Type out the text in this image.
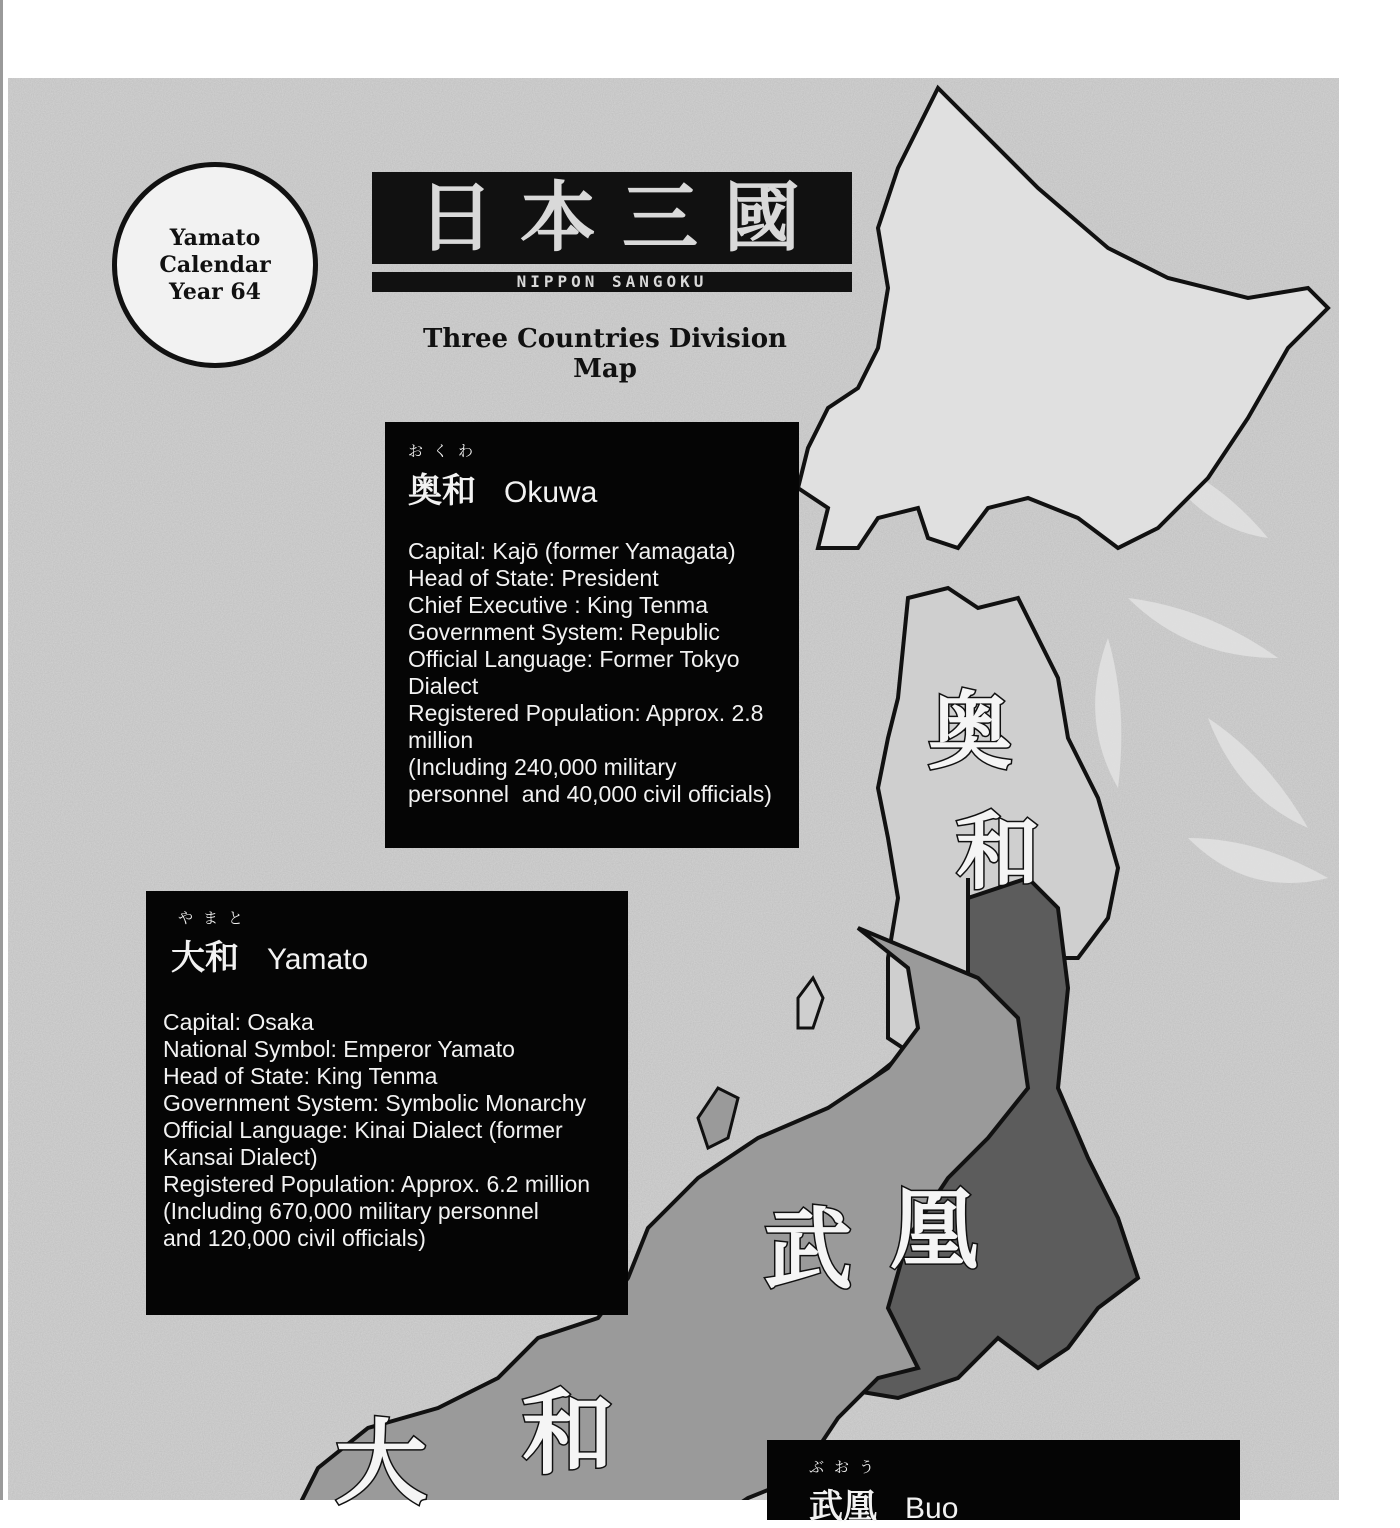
Yamato
Calendar
Year 64
日本三國
NIPPON SANGOKU
Three Countries Division Map
奥
和
武 凰
大 和
おくわ
奥和 Okuwa
Capital: Kajō (former Yamagata)
Head of State: President
Chief Executive : King Tenma
Government System: Republic
Official Language: Former Tokyo
Dialect
Registered Population: Approx. 2.8
million
(Including 240,000 military
personnel  and 40,000 civil officials)
やまと
大和 Yamato
Capital: Osaka
National Symbol: Emperor Yamato
Head of State: King Tenma
Government System: Symbolic Monarchy
Official Language: Kinai Dialect (former
Kansai Dialect)
Registered Population: Approx. 6.2 million
(Including 670,000 military personnel
and 120,000 civil officials)
ぶおう
武凰 Buo
